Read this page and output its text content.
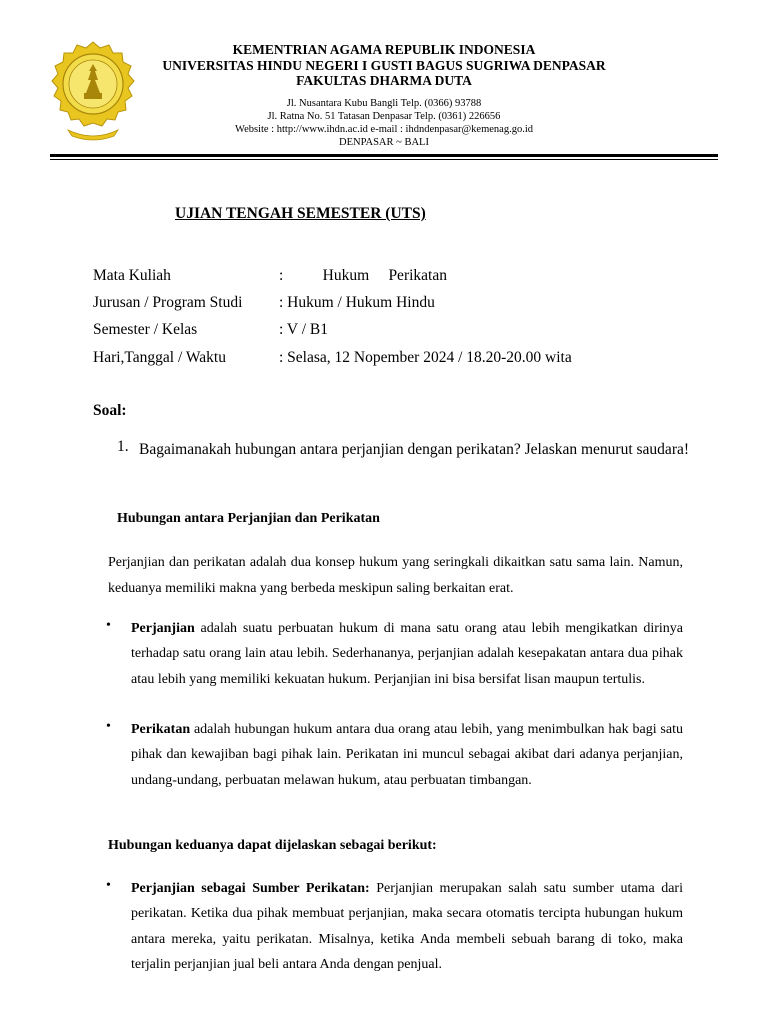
KEMENTRIAN AGAMA REPUBLIK INDONESIA
UNIVERSITAS HINDU NEGERI I GUSTI BAGUS SUGRIWA DENPASAR
FAKULTAS DHARMA DUTA
Jl. Nusantara Kubu Bangli Telp. (0366) 93788
Jl. Ratna No. 51 Tatasan Denpasar Telp. (0361) 226656
Website : http://www.ihdn.ac.id e-mail : ihdndenpasar@kemenag.go.id
DENPASAR ~ BALI
UJIAN TENGAH SEMESTER (UTS)
Mata Kuliah	:	Hukum Perikatan
Jurusan / Program Studi : Hukum / Hukum Hindu
Semester / Kelas	: V / B1
Hari,Tanggal / Waktu	: Selasa, 12 Nopember 2024 / 18.20-20.00 wita
Soal:
1. Bagaimanakah hubungan antara perjanjian dengan perikatan? Jelaskan menurut saudara!
Hubungan antara Perjanjian dan Perikatan
Perjanjian dan perikatan adalah dua konsep hukum yang seringkali dikaitkan satu sama lain. Namun, keduanya memiliki makna yang berbeda meskipun saling berkaitan erat.
• Perjanjian adalah suatu perbuatan hukum di mana satu orang atau lebih mengikatkan dirinya terhadap satu orang lain atau lebih. Sederhananya, perjanjian adalah kesepakatan antara dua pihak atau lebih yang memiliki kekuatan hukum. Perjanjian ini bisa bersifat lisan maupun tertulis.
• Perikatan adalah hubungan hukum antara dua orang atau lebih, yang menimbulkan hak bagi satu pihak dan kewajiban bagi pihak lain. Perikatan ini muncul sebagai akibat dari adanya perjanjian, undang-undang, perbuatan melawan hukum, atau perbuatan timbangan.
Hubungan keduanya dapat dijelaskan sebagai berikut:
• Perjanjian sebagai Sumber Perikatan: Perjanjian merupakan salah satu sumber utama dari perikatan. Ketika dua pihak membuat perjanjian, maka secara otomatis tercipta hubungan hukum antara mereka, yaitu perikatan. Misalnya, ketika Anda membeli sebuah barang di toko, maka terjalin perjanjian jual beli antara Anda dengan penjual.
